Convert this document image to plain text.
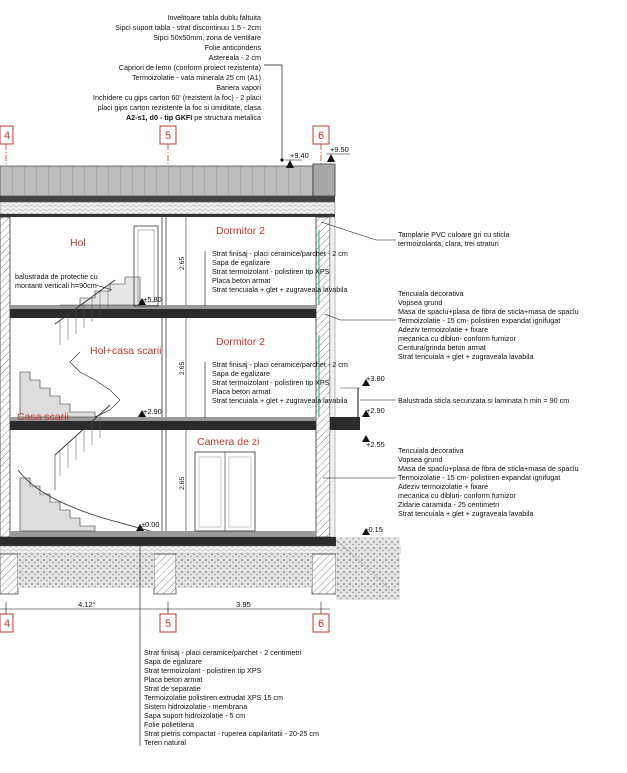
Invelitoare tabla dublu faltuita
Sipci suport tabla - strat discontinuu 1.5 - 2cm
Sipci 50x50mm, zona de ventilare
Folie anticondens
Astereala - 2 cm
Capriori de lemn (conform proiect rezistenta)
Termoizolatie - vata minerala 25 cm (A1)
Bariera vapori
Inchidere cu gips carton 60' (rezistent la foc) - 2 placi
placi gips carton rezistente la foc si umiditate, clasa
A2-s1, d0 - tip GKFI pe structura metalica
4	5	6
+9.40
+9.50
Hol
Hol+casa scarii
Casa scarii
Dormitor 2
Dormitor 2
Camera de zi
balustrada de protectie cu
montanti verticali h=90cm
Strat finisaj - placi ceramice/parchet - 2 cm
Sapa de egalizare
Strat termoizolant - polistiren tip XPS
Placa beton armat
Strat tencuiala + glet + zugraveala lavabila
Strat finisaj - placi ceramice/parchet - 2 cm
Sapa de egalizare
Strat termoizolant - polistiren tip XPS
Placa beton armat
Strat tencuiala + glet + zugraveala lavabila
2.65
2.65
2.65
+5.80
+2.90
±0.00
+3.80
+2.90
+2.55
-0.15
Tamplarie PVC culoare gri cu sticla
termoizolanta, clara, trei straturi
Tencuiala decorativa
Vopsea grund
Masa de spaclu+plasa de fibra de sticla+masa de spaclu
Termoizolatie - 15 cm- polistiren expandat ignifugat
Adeziv termoizolatie + fixare
mecanica cu dibluri- conform furnizor
Centura/grinda beton armat
Strat tencuiala + glet + zugraveala lavabila
Balustrada sticla securizata si laminata h min = 90 cm
Tencuiala decorativa
Vopsea grund
Masa de spaclu+plasa de fibra de sticla+masa de spaclu
Termoizolatie - 15 cm- polistiren expandat ignifugat
Adeziv termoizolatie + fixare
mecanica cu dibluri- conform furnizor
Zidarie caramida - 25 centimetri
Strat tencuiala + glet + zugraveala lavabila
4.12°	3.95
4	5	6
Strat finisaj - placi ceramice/parchet - 2 centimetri
Sapa de egalizare
Strat termoizolant - polistiren tip XPS
Placa beton armat
Strat de separatie
Termoizolatie polistiren extrudat XPS 15 cm
Sistem hidroizolatie - membrana
Sapa suport hidroizolatie - 5 cm
Folie polietilena
Strat pietris compactat - ruperea capilaritatii - 20-25 cm
Teren natural
